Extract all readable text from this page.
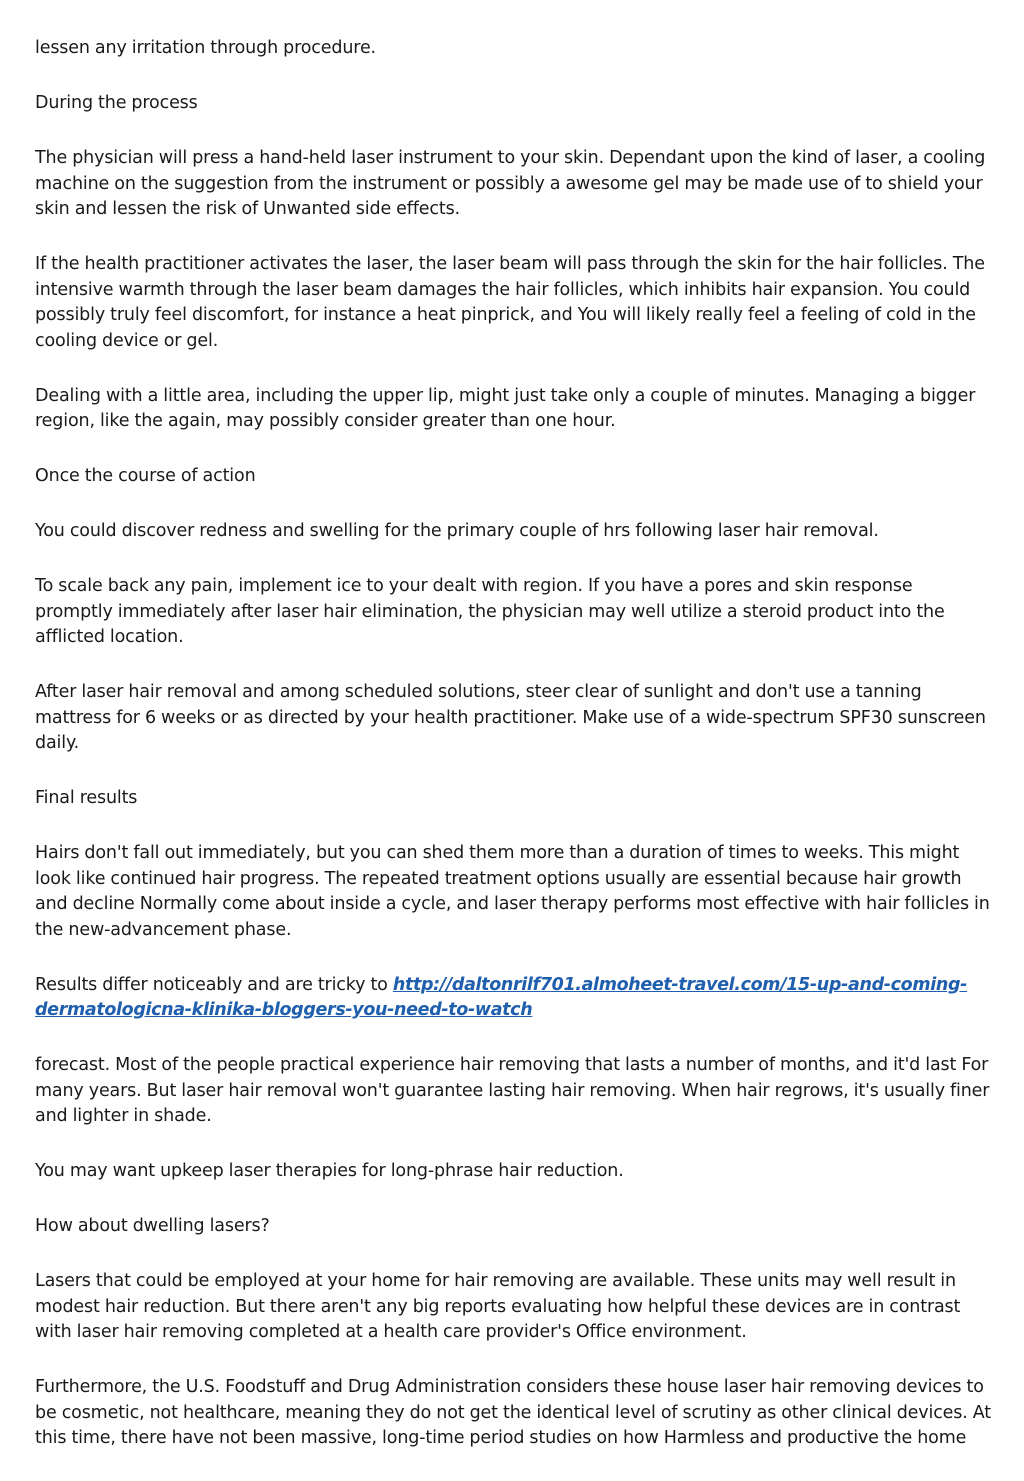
lessen any irritation through procedure.

During the process

The physician will press a hand-held laser instrument to your skin. Dependant upon the kind of laser, a cooling machine on the suggestion from the instrument or possibly a awesome gel may be made use of to shield your skin and lessen the risk of Unwanted side effects.

If the health practitioner activates the laser, the laser beam will pass through the skin for the hair follicles. The intensive warmth through the laser beam damages the hair follicles, which inhibits hair expansion. You could possibly truly feel discomfort, for instance a heat pinprick, and You will likely really feel a feeling of cold in the cooling device or gel.

Dealing with a little area, including the upper lip, might just take only a couple of minutes. Managing a bigger region, like the again, may possibly consider greater than one hour.

Once the course of action

You could discover redness and swelling for the primary couple of hrs following laser hair removal.

To scale back any pain, implement ice to your dealt with region. If you have a pores and skin response promptly immediately after laser hair elimination, the physician may well utilize a steroid product into the afflicted location.

After laser hair removal and among scheduled solutions, steer clear of sunlight and don't use a tanning mattress for 6 weeks or as directed by your health practitioner. Make use of a wide-spectrum SPF30 sunscreen daily.

Final results

Hairs don't fall out immediately, but you can shed them more than a duration of times to weeks. This might look like continued hair progress. The repeated treatment options usually are essential because hair growth and decline Normally come about inside a cycle, and laser therapy performs most effective with hair follicles in the new-advancement phase.

Results differ noticeably and are tricky to http://daltonrilf701.almoheet-travel.com/15-up-and-coming-dermatologicna-klinika-bloggers-you-need-to-watch

forecast. Most of the people practical experience hair removing that lasts a number of months, and it'd last For many years. But laser hair removal won't guarantee lasting hair removing. When hair regrows, it's usually finer and lighter in shade.

You may want upkeep laser therapies for long-phrase hair reduction.

How about dwelling lasers?

Lasers that could be employed at your home for hair removing are available. These units may well result in modest hair reduction. But there aren't any big reports evaluating how helpful these devices are in contrast with laser hair removing completed at a health care provider's Office environment.

Furthermore, the U.S. Foodstuff and Drug Administration considers these house laser hair removing devices to be cosmetic, not healthcare, meaning they do not get the identical level of scrutiny as other clinical devices. At this time, there have not been massive, long-time period studies on how Harmless and productive the home
